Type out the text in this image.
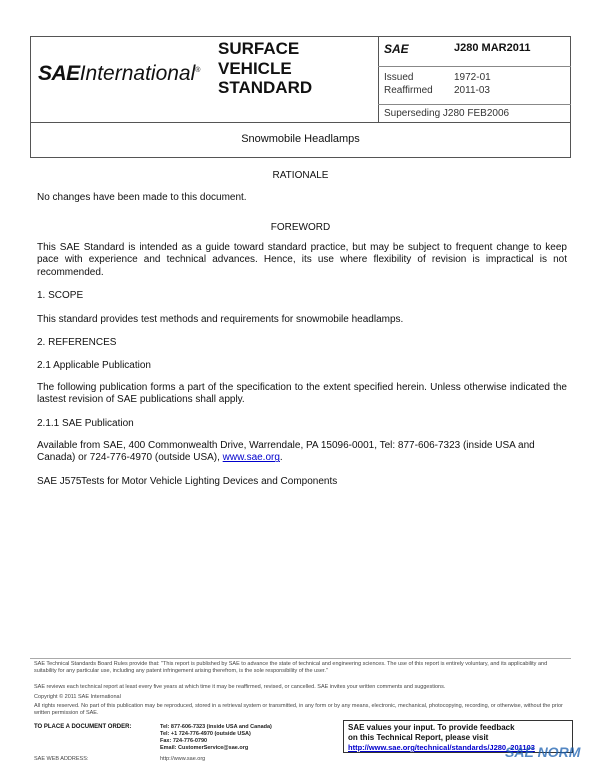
SAEInternational®
SURFACE
VEHICLE
STANDARD
SAE	J280 MAR2011
Issued	1972-01
Reaffirmed 2011-03
Superseding J280 FEB2006
Snowmobile Headlamps
RATIONALE
No changes have been made to this document.
FOREWORD
This SAE Standard is intended as a guide toward standard practice, but may be subject to frequent change to keep pace with experience and technical advances. Hence, its use where flexibility of revision is impractical is not recommended.
1. SCOPE
This standard provides test methods and requirements for snowmobile headlamps.
2. REFERENCES
2.1 Applicable Publication
The following publication forms a part of the specification to the extent specified herein. Unless otherwise indicated the lastest revision of SAE publications shall apply.
2.1.1 SAE Publication
Available from SAE, 400 Commonwealth Drive, Warrendale, PA 15096-0001, Tel: 877-606-7323 (inside USA and Canada) or 724-776-4970 (outside USA), www.sae.org.
SAE J575 Tests for Motor Vehicle Lighting Devices and Components
SAE Technical Standards Board Rules provide that: "This report is published by SAE to advance the state of technical and engineering sciences. The use of this report is entirely voluntary, and its applicability and suitability for any particular use, including any patent infringement arising therefrom, is the sole responsibility of the user."
SAE reviews each technical report at least every five years at which time it may be reaffirmed, revised, or cancelled. SAE invites your written comments and suggestions.
Copyright © 2011 SAE International
All rights reserved. No part of this publication may be reproduced, stored in a retrieval system or transmitted, in any form or by any means, electronic, mechanical, photocopying, recording, or otherwise, without the prior written permission of SAE.
TO PLACE A DOCUMENT ORDER:	Tel: 877-606-7323 (inside USA and Canada)
Tel: +1 724-776-4970 (outside USA)
Fax: 724-776-0790
Email: CustomerService@sae.org
SAE WEB ADDRESS:	http://www.sae.org
SAE values your input. To provide feedback
on this Technical Report, please visit
http://www.sae.org/technical/standards/J280_201103
SAE NORM
